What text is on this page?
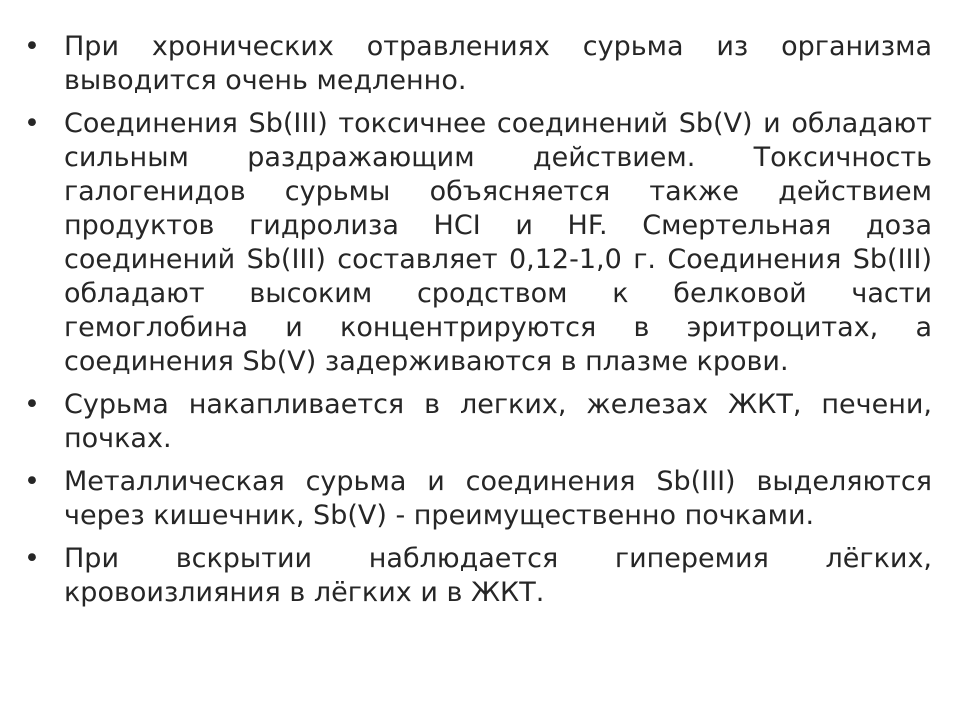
• При хронических отравлениях сурьма из организма выводится очень медленно.
• Соединения Sb(III) токсичнее соединений Sb(V) и обладают сильным раздражающим действием. Токсичность галогенидов сурьмы объясняется также действием продуктов гидролиза HCI и HF. Смертельная доза соединений Sb(III) составляет 0,12-1,0 г. Соединения Sb(III) обладают высоким сродством к белковой части гемоглобина и концентрируются в эритроцитах, а соединения Sb(V) задерживаются в плазме крови.
• Сурьма накапливается в легких, железах ЖКТ, печени, почках.
• Металлическая сурьма и соединения Sb(III) выделяются через кишечник, Sb(V) - преимущественно почками.
• При вскрытии наблюдается гиперемия лёгких, кровоизлияния в лёгких и в ЖКТ.
